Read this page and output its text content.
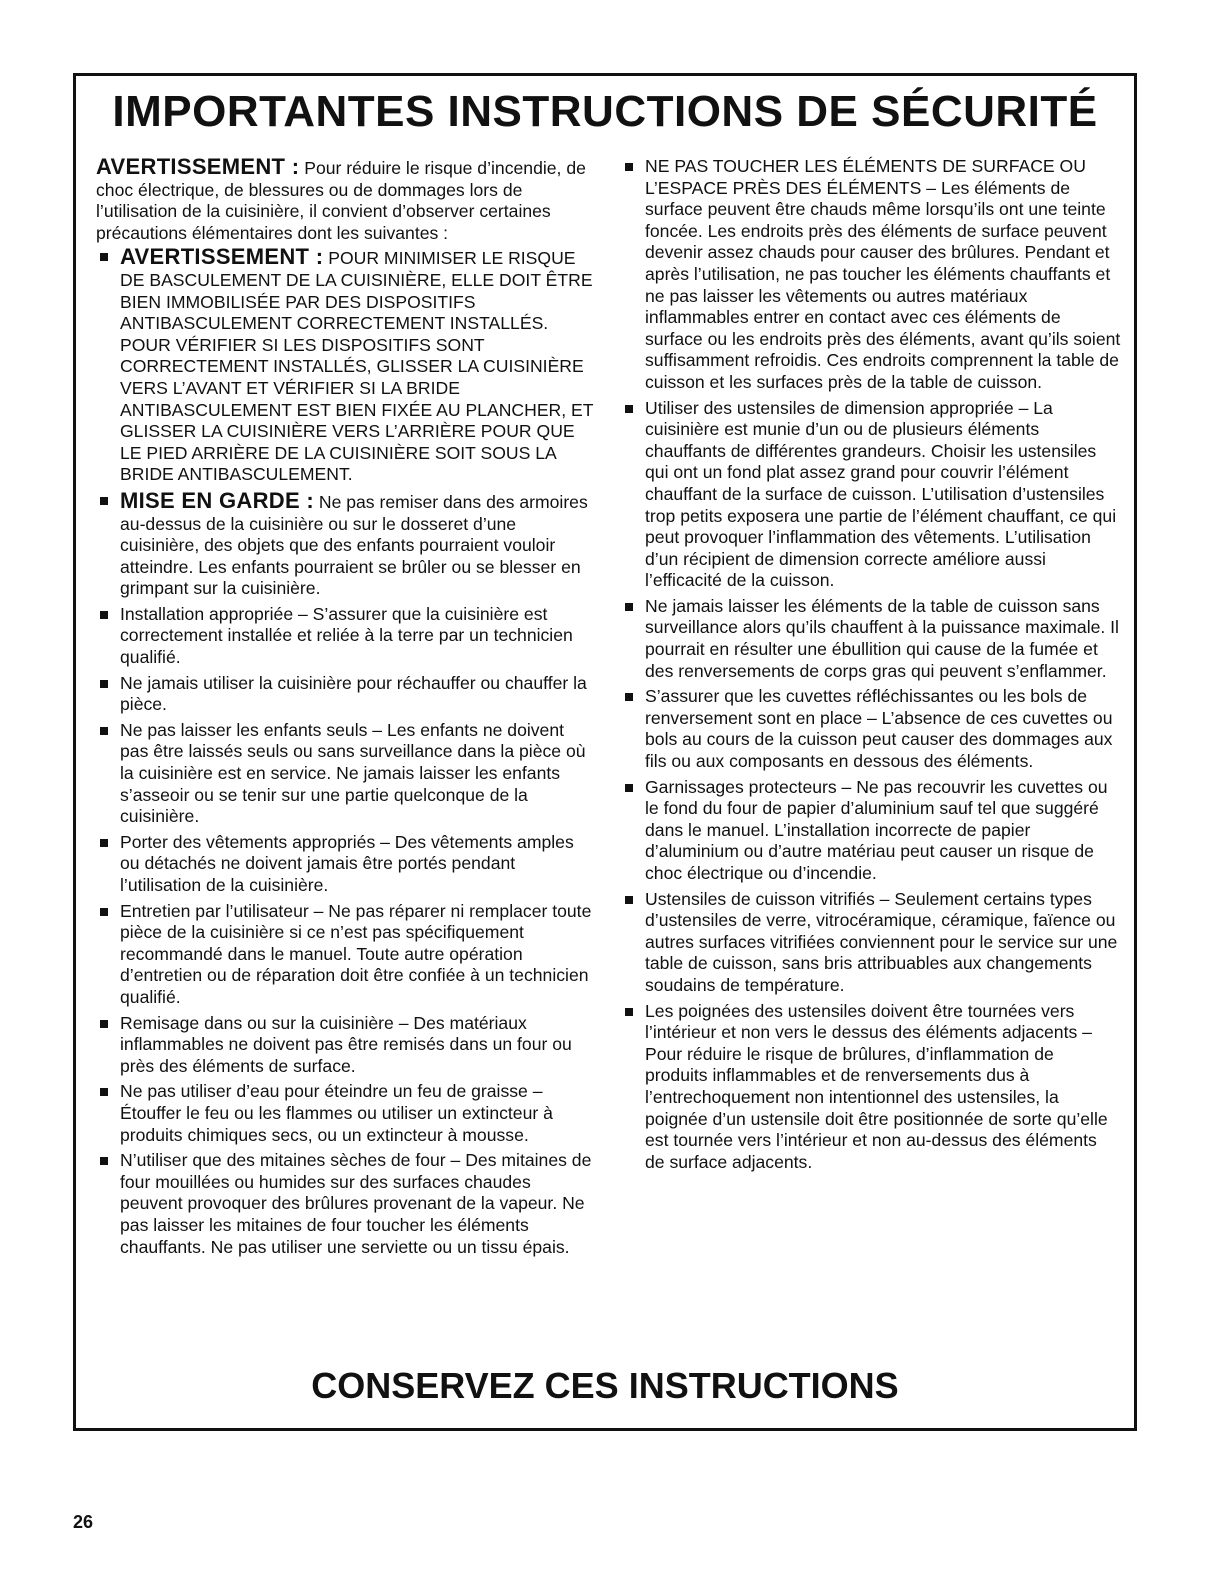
IMPORTANTES INSTRUCTIONS DE SÉCURITÉ

AVERTISSEMENT : Pour réduire le risque d’incendie, de choc électrique, de blessures ou de dommages lors de l’utilisation de la cuisinière, il convient d’observer certaines précautions élémentaires dont les suivantes :

AVERTISSEMENT : POUR MINIMISER LE RISQUE DE BASCULEMENT DE LA CUISINIÈRE, ELLE DOIT ÊTRE BIEN IMMOBILISÉE PAR DES DISPOSITIFS ANTIBASCULEMENT CORRECTEMENT INSTALLÉS. POUR VÉRIFIER SI LES DISPOSITIFS SONT CORRECTEMENT INSTALLÉS, GLISSER LA CUISINIÈRE VERS L’AVANT ET VÉRIFIER SI LA BRIDE ANTIBASCULEMENT EST BIEN FIXÉE AU PLANCHER, ET GLISSER LA CUISINIÈRE VERS L’ARRIÈRE POUR QUE LE PIED ARRIÈRE DE LA CUISINIÈRE SOIT SOUS LA BRIDE ANTIBASCULEMENT.
MISE EN GARDE : Ne pas remiser dans des armoires au-dessus de la cuisinière ou sur le dosseret d’une cuisinière, des objets que des enfants pourraient vouloir atteindre. Les enfants pourraient se brûler ou se blesser en grimpant sur la cuisinière.
Installation appropriée – S’assurer que la cuisinière est correctement installée et reliée à la terre par un technicien qualifié.
Ne jamais utiliser la cuisinière pour réchauffer ou chauffer la pièce.
Ne pas laisser les enfants seuls – Les enfants ne doivent pas être laissés seuls ou sans surveillance dans la pièce où la cuisinière est en service. Ne jamais laisser les enfants s’asseoir ou se tenir sur une partie quelconque de la cuisinière.
Porter des vêtements appropriés – Des vêtements amples ou détachés ne doivent jamais être portés pendant l’utilisation de la cuisinière.
Entretien par l’utilisateur – Ne pas réparer ni remplacer toute pièce de la cuisinière si ce n’est pas spécifiquement recommandé dans le manuel. Toute autre opération d’entretien ou de réparation doit être confiée à un technicien qualifié.
Remisage dans ou sur la cuisinière – Des matériaux inflammables ne doivent pas être remisés dans un four ou près des éléments de surface.
Ne pas utiliser d’eau pour éteindre un feu de graisse – Étouffer le feu ou les flammes ou utiliser un extincteur à produits chimiques secs, ou un extincteur à mousse.
N’utiliser que des mitaines sèches de four – Des mitaines de four mouillées ou humides sur des surfaces chaudes peuvent provoquer des brûlures provenant de la vapeur. Ne pas laisser les mitaines de four toucher les éléments chauffants. Ne pas utiliser une serviette ou un tissu épais.
NE PAS TOUCHER LES ÉLÉMENTS DE SURFACE OU L’ESPACE PRÈS DES ÉLÉMENTS – Les éléments de surface peuvent être chauds même lorsqu’ils ont une teinte foncée. Les endroits près des éléments de surface peuvent devenir assez chauds pour causer des brûlures. Pendant et après l’utilisation, ne pas toucher les éléments chauffants et ne pas laisser les vêtements ou autres matériaux inflammables entrer en contact avec ces éléments de surface ou les endroits près des éléments, avant qu’ils soient suffisamment refroidis. Ces endroits comprennent la table de cuisson et les surfaces près de la table de cuisson.
Utiliser des ustensiles de dimension appropriée – La cuisinière est munie d’un ou de plusieurs éléments chauffants de différentes grandeurs. Choisir les ustensiles qui ont un fond plat assez grand pour couvrir l’élément chauffant de la surface de cuisson. L’utilisation d’ustensiles trop petits exposera une partie de l’élément chauffant, ce qui peut provoquer l’inflammation des vêtements. L’utilisation d’un récipient de dimension correcte améliore aussi l’efficacité de la cuisson.
Ne jamais laisser les éléments de la table de cuisson sans surveillance alors qu’ils chauffent à la puissance maximale. Il pourrait en résulter une ébullition qui cause de la fumée et des renversements de corps gras qui peuvent s’enflammer.
S’assurer que les cuvettes réfléchissantes ou les bols de renversement sont en place – L’absence de ces cuvettes ou bols au cours de la cuisson peut causer des dommages aux fils ou aux composants en dessous des éléments.
Garnissages protecteurs – Ne pas recouvrir les cuvettes ou le fond du four de papier d’aluminium sauf tel que suggéré dans le manuel. L’installation incorrecte de papier d’aluminium ou d’autre matériau peut causer un risque de choc électrique ou d’incendie.
Ustensiles de cuisson vitrifiés – Seulement certains types d’ustensiles de verre, vitrocéramique, céramique, faïence ou autres surfaces vitrifiées conviennent pour le service sur une table de cuisson, sans bris attribuables aux changements soudains de température.
Les poignées des ustensiles doivent être tournées vers l’intérieur et non vers le dessus des éléments adjacents – Pour réduire le risque de brûlures, d’inflammation de produits inflammables et de renversements dus à l’entrechoquement non intentionnel des ustensiles, la poignée d’un ustensile doit être positionnée de sorte qu’elle est tournée vers l’intérieur et non au-dessus des éléments de surface adjacents.
CONSERVEZ CES INSTRUCTIONS
26
